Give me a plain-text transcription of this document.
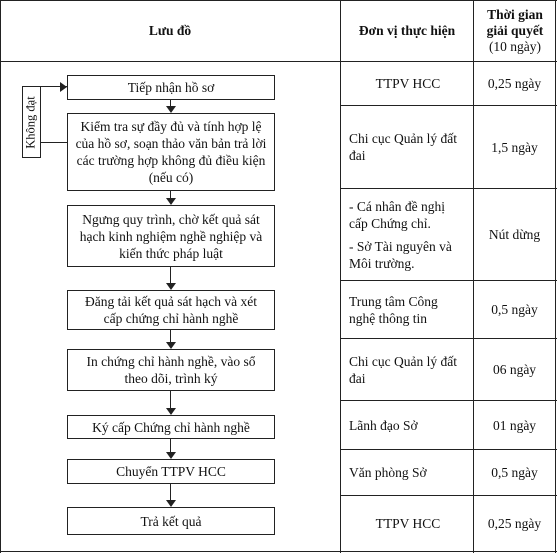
Lưu đồ	Đơn vị thực hiện
Thời gian
giải quyết
(10 ngày)
Không đạt
Tiếp nhận hồ sơ
Kiểm tra sự đầy đủ và tính hợp lệ của hồ sơ, soạn thảo văn bản trả lời các trường hợp không đủ điều kiện (nếu có)
Ngưng quy trình, chờ kết quả sát hạch kinh nghiệm nghề nghiệp và kiến thức pháp luật
Đăng tải kết quả sát hạch và xét cấp chứng chỉ hành nghề
In chứng chỉ hành nghề, vào sổ theo dõi, trình ký
Ký cấp Chứng chỉ hành nghề
Chuyển TTPV HCC
Trả kết quả
TTPV HCC
Chi cục Quản lý đất đai
- Cá nhân đề nghị cấp Chứng chỉ.
- Sở Tài nguyên và Môi trường.
Trung tâm Công nghệ thông tin
Chi cục Quản lý đất đai
Lãnh đạo Sở
Văn phòng Sở
TTPV HCC
0,25 ngày
1,5 ngày
Nút dừng
0,5 ngày
06 ngày
01 ngày
0,5 ngày
0,25 ngày
